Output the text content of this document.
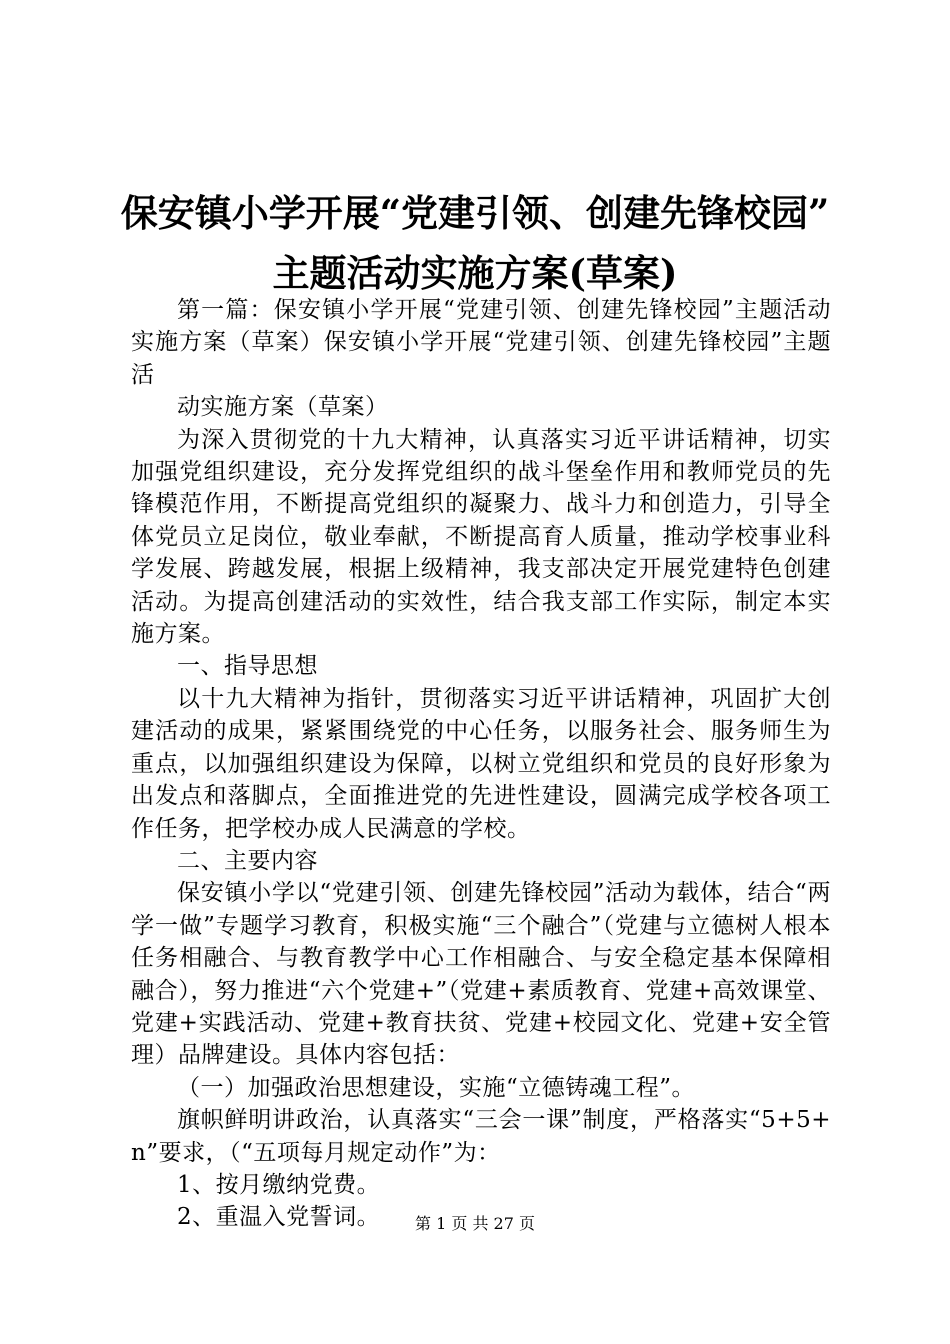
保安镇小学开展“党建引领、创建先锋校园”

主题活动实施方案(草案)

第一篇：保安镇小学开展“党建引领、创建先锋校园”主题活动实施方案（草案）保安镇小学开展“党建引领、创建先锋校园”主题活

动实施方案（草案）

为深入贯彻党的十九大精神，认真落实习近平讲话精神，切实加强党组织建设，充分发挥党组织的战斗堡垒作用和教师党员的先锋模范作用，不断提高党组织的凝聚力、战斗力和创造力，引导全体党员立足岗位，敬业奉献，不断提高育人质量，推动学校事业科学发展、跨越发展，根据上级精神，我支部决定开展党建特色创建活动。为提高创建活动的实效性，结合我支部工作实际，制定本实施方案。

一、指导思想

以十九大精神为指针，贯彻落实习近平讲话精神，巩固扩大创建活动的成果，紧紧围绕党的中心任务，以服务社会、服务师生为重点，以加强组织建设为保障，以树立党组织和党员的良好形象为出发点和落脚点，全面推进党的先进性建设，圆满完成学校各项工作任务，把学校办成人民满意的学校。

二、主要内容

保安镇小学以“党建引领、创建先锋校园”活动为载体，结合“两学一做”专题学习教育，积极实施“三个融合”（党建与立德树人根本任务相融合、与教育教学中心工作相融合、与安全稳定基本保障相融合），努力推进“六个党建+”（党建+素质教育、党建+高效课堂、党建+实践活动、党建+教育扶贫、党建+校园文化、党建+安全管理）品牌建设。具体内容包括：

（一）加强政治思想建设，实施“立德铸魂工程”。

旗帜鲜明讲政治，认真落实“三会一课”制度，严格落实“5+5+n”要求，（“五项每月规定动作”为：

1、按月缴纳党费。

2、重温入党誓词。	第 1 页 共 27 页
